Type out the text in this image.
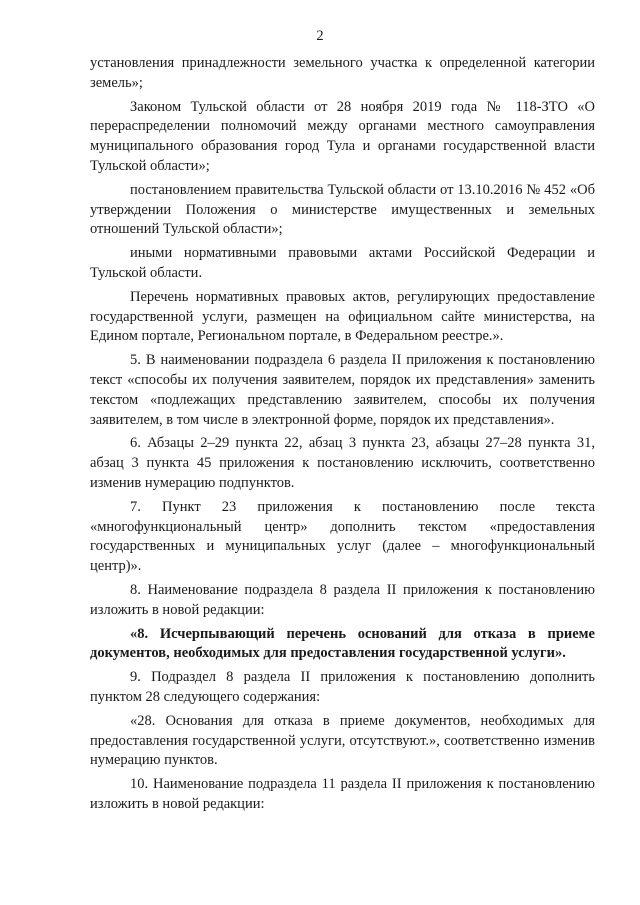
2

установления принадлежности земельного участка к определенной категории земель»;

Законом Тульской области от 28 ноября 2019 года № 118-ЗТО «О перераспределении полномочий между органами местного самоуправления муниципального образования город Тула и органами государственной власти Тульской области»;

постановлением правительства Тульской области от 13.10.2016 № 452 «Об утверждении Положения о министерстве имущественных и земельных отношений Тульской области»;

иными нормативными правовыми актами Российской Федерации и Тульской области.

Перечень нормативных правовых актов, регулирующих предоставление государственной услуги, размещен на официальном сайте министерства, на Едином портале, Региональном портале, в Федеральном реестре.».

5. В наименовании подраздела 6 раздела II приложения к постановлению текст «способы их получения заявителем, порядок их представления» заменить текстом «подлежащих представлению заявителем, способы их получения заявителем, в том числе в электронной форме, порядок их представления».

6. Абзацы 2–29 пункта 22, абзац 3 пункта 23, абзацы 27–28 пункта 31, абзац 3 пункта 45 приложения к постановлению исключить, соответственно изменив нумерацию подпунктов.

7. Пункт 23 приложения к постановлению после текста «многофункциональный центр» дополнить текстом «предоставления государственных и муниципальных услуг (далее – многофункциональный центр)».

8. Наименование подраздела 8 раздела II приложения к постановлению изложить в новой редакции:

«8. Исчерпывающий перечень оснований для отказа в приеме документов, необходимых для предоставления государственной услуги».

9. Подраздел 8 раздела II приложения к постановлению дополнить пунктом 28 следующего содержания:

«28. Основания для отказа в приеме документов, необходимых для предоставления государственной услуги, отсутствуют.», соответственно изменив нумерацию пунктов.

10. Наименование подраздела 11 раздела II приложения к постановлению изложить в новой редакции:
